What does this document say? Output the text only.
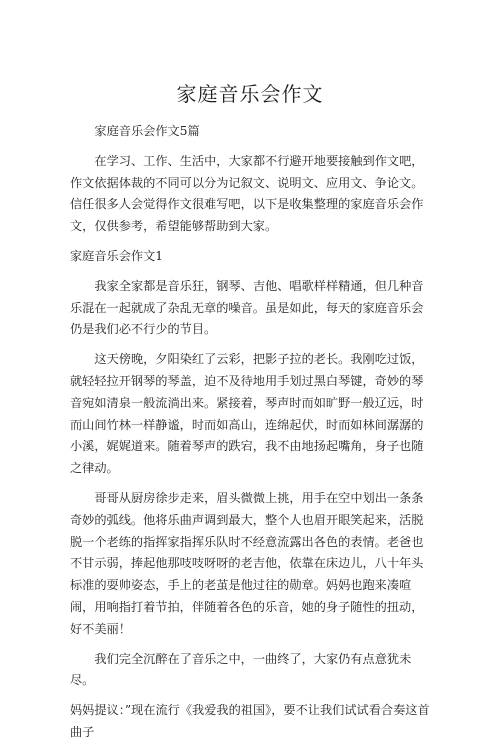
家庭音乐会作文

家庭音乐会作文5篇

在学习、工作、生活中，大家都不行避开地要接触到作文吧，作文依据体裁的不同可以分为记叙文、说明文、应用文、争论文。信任很多人会觉得作文很难写吧，以下是收集整理的家庭音乐会作文，仅供参考，希望能够帮助到大家。

家庭音乐会作文1

我家全家都是音乐狂，钢琴、吉他、唱歌样样精通，但几种音乐混在一起就成了杂乱无章的噪音。虽是如此，每天的家庭音乐会仍是我们必不行少的节目。

这天傍晚，夕阳染红了云彩，把影子拉的老长。我刚吃过饭，就轻轻拉开钢琴的琴盖，迫不及待地用手划过黑白琴键，奇妙的琴音宛如清泉一般流淌出来。紧接着，琴声时而如旷野一般辽远，时而山间竹林一样静谧，时而如高山，连绵起伏，时而如林间潺潺的小溪，娓娓道来。随着琴声的跌宕，我不由地扬起嘴角，身子也随之律动。

哥哥从厨房徐步走来，眉头微微上挑，用手在空中划出一条条奇妙的弧线。他将乐曲声调到最大，整个人也眉开眼笑起来，活脱脱一个老练的指挥家指挥乐队时不经意流露出各色的表情。老爸也不甘示弱，捧起他那吱吱呀呀的老吉他，依靠在床边儿，八十年头标准的耍帅姿态，手上的老茧是他过往的勋章。妈妈也跑来凑喧闹，用响指打着节拍，伴随着各色的乐音，她的身子随性的扭动，好不美丽！

我们完全沉醉在了音乐之中，一曲终了，大家仍有点意犹未尽。

妈妈提议：”现在流行《我爱我的祖国》，要不让我们试试看合奏这首曲子
